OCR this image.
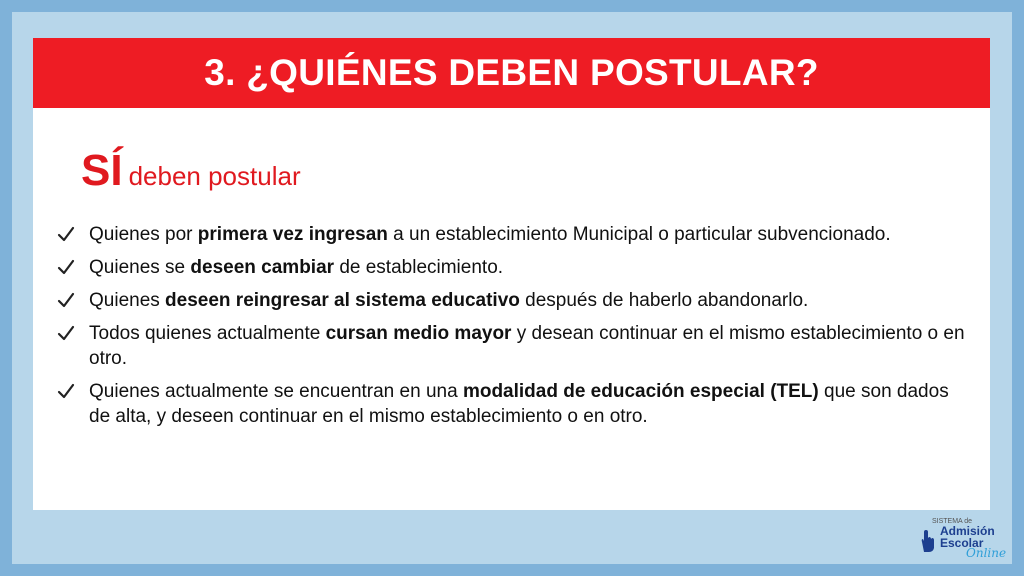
3. ¿QUIÉNES DEBEN POSTULAR?
SÍ deben postular
Quienes por primera vez ingresan a un establecimiento Municipal o particular subvencionado.
Quienes se deseen cambiar de establecimiento.
Quienes deseen reingresar al sistema educativo después de haberlo abandonarlo.
Todos quienes actualmente cursan medio mayor y desean continuar en el mismo establecimiento o en otro.
Quienes actualmente se encuentran en una modalidad de educación especial (TEL) que son dados de alta, y deseen continuar en el mismo establecimiento o en otro.
SISTEMA de
Admisión
Escolar
Online
